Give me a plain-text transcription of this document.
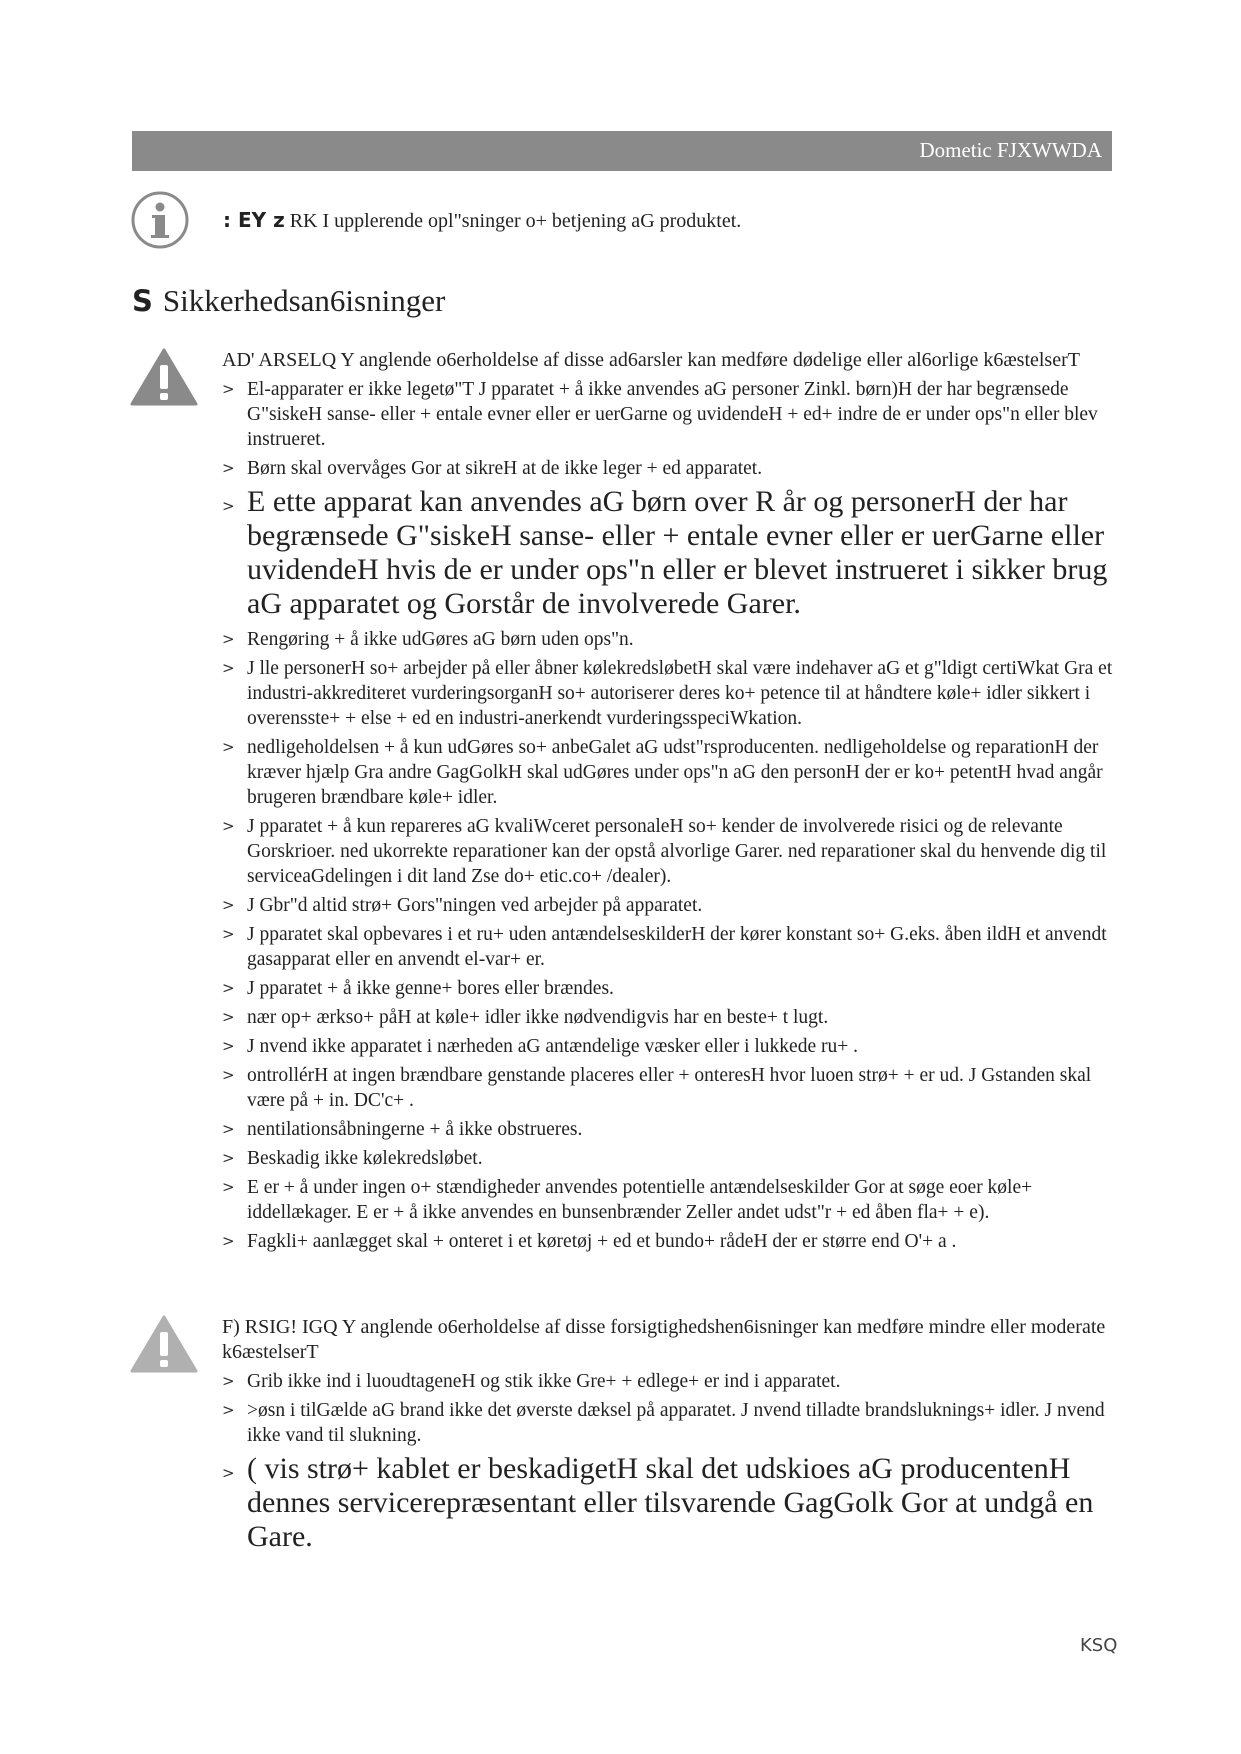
Dometic FJXWWDA
: EY z RK I upplerende opl"sninger o+ betjening aG produktet.
S Sikkerhedsan6isninger

AD' ARSELQ Y anglende o6erholdelse af disse ad6arsler kan medføre dødelige eller al6orlige k6æstelserT

> El-apparater er ikke legetø"T J pparatet + å ikke anvendes aG personer Zinkl. børn)H der har begrænsede G"siskeH sanse- eller + entale evner eller er uerGarne og uvidendeH + ed+ indre de er under ops"n eller blev instrueret.
> Børn skal overvåges Gor at sikreH at de ikke leger + ed apparatet.
> E ette apparat kan anvendes aG børn over R år og personerH der har begrænsede G"siskeH sanse- eller + entale evner eller er uerGarne eller uvidendeH hvis de er under ops"n eller er blevet instrueret i sikker brug aG apparatet og Gorstår de involverede Garer.
> Rengøring + å ikke udGøres aG børn uden ops"n.
> J lle personerH so+ arbejder på eller åbner kølekredsløbetH skal være indehaver aG et g"ldigt certiWkat Gra et industri-akkrediteret vurderingsorganH so+ autoriserer deres ko+ petence til at håndtere køle+ idler sikkert i overensste+ + else + ed en industri-anerkendt vurderingsspeciWkation.
> nedligeholdelsen + å kun udGøres so+ anbeGalet aG udst"rsproducenten. nedligeholdelse og reparationH der kræver hjælp Gra andre GagGolkH skal udGøres under ops"n aG den personH der er ko+ petentH hvad angår brugeren brændbare køle+ idler.
> J pparatet + å kun repareres aG kvaliWceret personaleH so+ kender de involverede risici og de relevante Gorskrioer. ned ukorrekte reparationer kan der opstå alvorlige Garer. ned reparationer skal du henvende dig til serviceaGdelingen i dit land Zse do+ etic.co+ /dealer).
> J Gbr"d altid strø+ Gors"ningen ved arbejder på apparatet.
> J pparatet skal opbevares i et ru+ uden antændelseskilderH der kører konstant so+ G.eks. åben ildH et anvendt gasapparat eller en anvendt el-var+ er.
> J pparatet + å ikke genne+ bores eller brændes.
> nær op+ ærkso+ påH at køle+ idler ikke nødvendigvis har en beste+ t lugt.
> J nvend ikke apparatet i nærheden aG antændelige væsker eller i lukkede ru+ .
> ontrollérH at ingen brændbare genstande placeres eller + onteresH hvor luoen strø+ + er ud. J Gstanden skal være på + in. DC'c+ .
> nentilationsåbningerne + å ikke obstrueres.
> Beskadig ikke kølekredsløbet.
> E er + å under ingen o+ stændigheder anvendes potentielle antændelseskilder Gor at søge eoer køle+ iddellækager. E er + å ikke anvendes en bunsenbrænder Zeller andet udst"r + ed åben fla+ + e).
> Fagkli+ aanlægget skal + onteret i et køretøj + ed et bundo+ rådeH der er større end O'+ a .

F) RSIG! IGQ Y anglende o6erholdelse af disse forsigtighedshen6isninger kan medføre mindre eller moderate k6æstelserT

> Grib ikke ind i luoudtageneH og stik ikke Gre+ + edlege+ er ind i apparatet.
> >øsn i tilGælde aG brand ikke det øverste dæksel på apparatet. J nvend tilladte brandsluknings+ idler. J nvend ikke vand til slukning.
> ( vis strø+ kablet er beskadigetH skal det udskioes aG producentenH dennes servicerepræsentant eller tilsvarende GagGolk Gor at undgå en Gare.
KSQ
